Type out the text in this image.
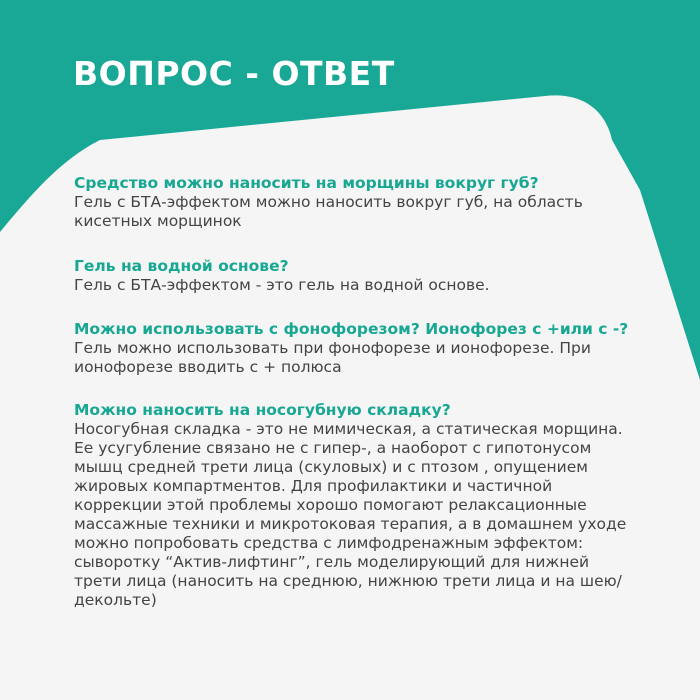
ВОПРОС - ОТВЕТ

Средство можно наносить на морщины вокруг губ?

Гель с БТА-эффектом можно наносить вокруг губ, на область кисетных морщинок

Гель на водной основе?

Гель с БТА-эффектом - это гель на водной основе.

Можно использовать с фонофорезом? Ионофорез с +или с -?

Гель можно использовать при фонофорезе и ионофорезе. При ионофорезе вводить с + полюса

Можно наносить на носогубную складку?

Носогубная складка - это не мимическая, а статическая морщина. Ее усугубление связано не с гипер-, а наоборот с гипотонусом мышц средней трети лица (скуловых) и с птозом , опущением жировых компартментов. Для профилактики и частичной коррекции этой проблемы хорошо помогают релаксационные массажные техники и микротоковая терапия, а в домашнем уходе можно попробовать средства с лимфодренажным эффектом: сыворотку “Актив-лифтинг”, гель моделирующий для нижней трети лица (наносить на среднюю, нижнюю трети лица и на шею/декольте)
